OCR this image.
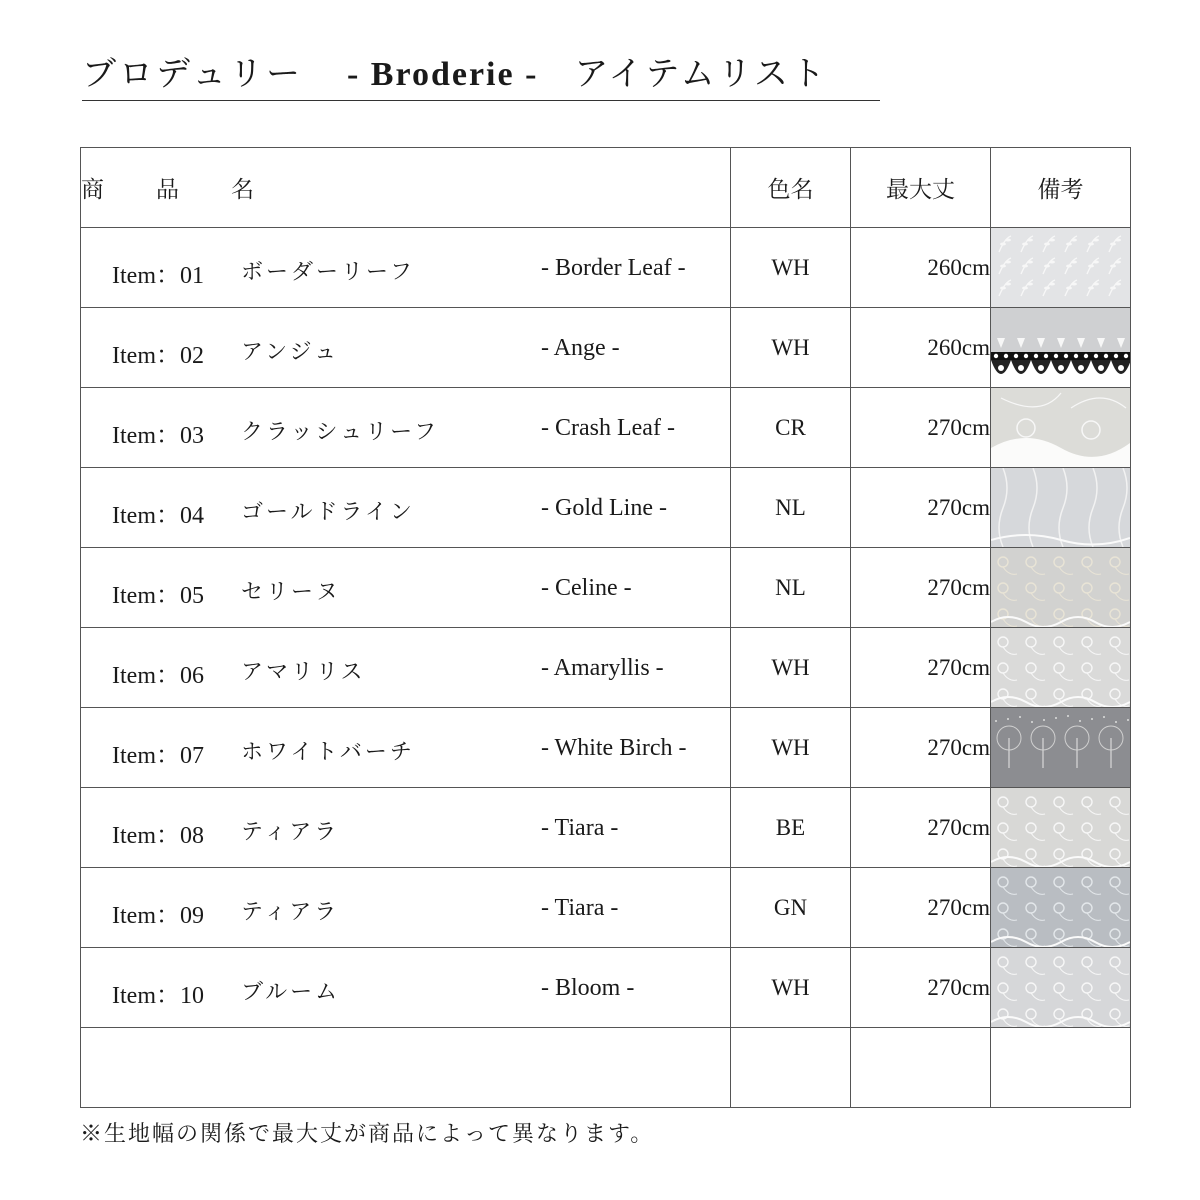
ブロデュリー - Broderie - アイテムリスト
商 品 名	色名	最大丈	備考

Item：01 ボーダーリーフ - Border Leaf -	WH	260cm	

Item：02 アンジュ - Ange -	WH	260cm	

Item：03 クラッシュリーフ - Crash Leaf -	CR	270cm	

Item：04 ゴールドライン - Gold Line -	NL	270cm	

Item：05 セリーヌ - Celine -	NL	270cm	

Item：06 アマリリス - Amaryllis -	WH	270cm	

Item：07 ホワイトバーチ - White Birch -	WH	270cm	

Item：08 ティアラ - Tiara -	BE	270cm	

Item：09 ティアラ - Tiara -	GN	270cm	

Item：10 ブルーム - Bloom -	WH	270cm	

※生地幅の関係で最大丈が商品によって異なります。
